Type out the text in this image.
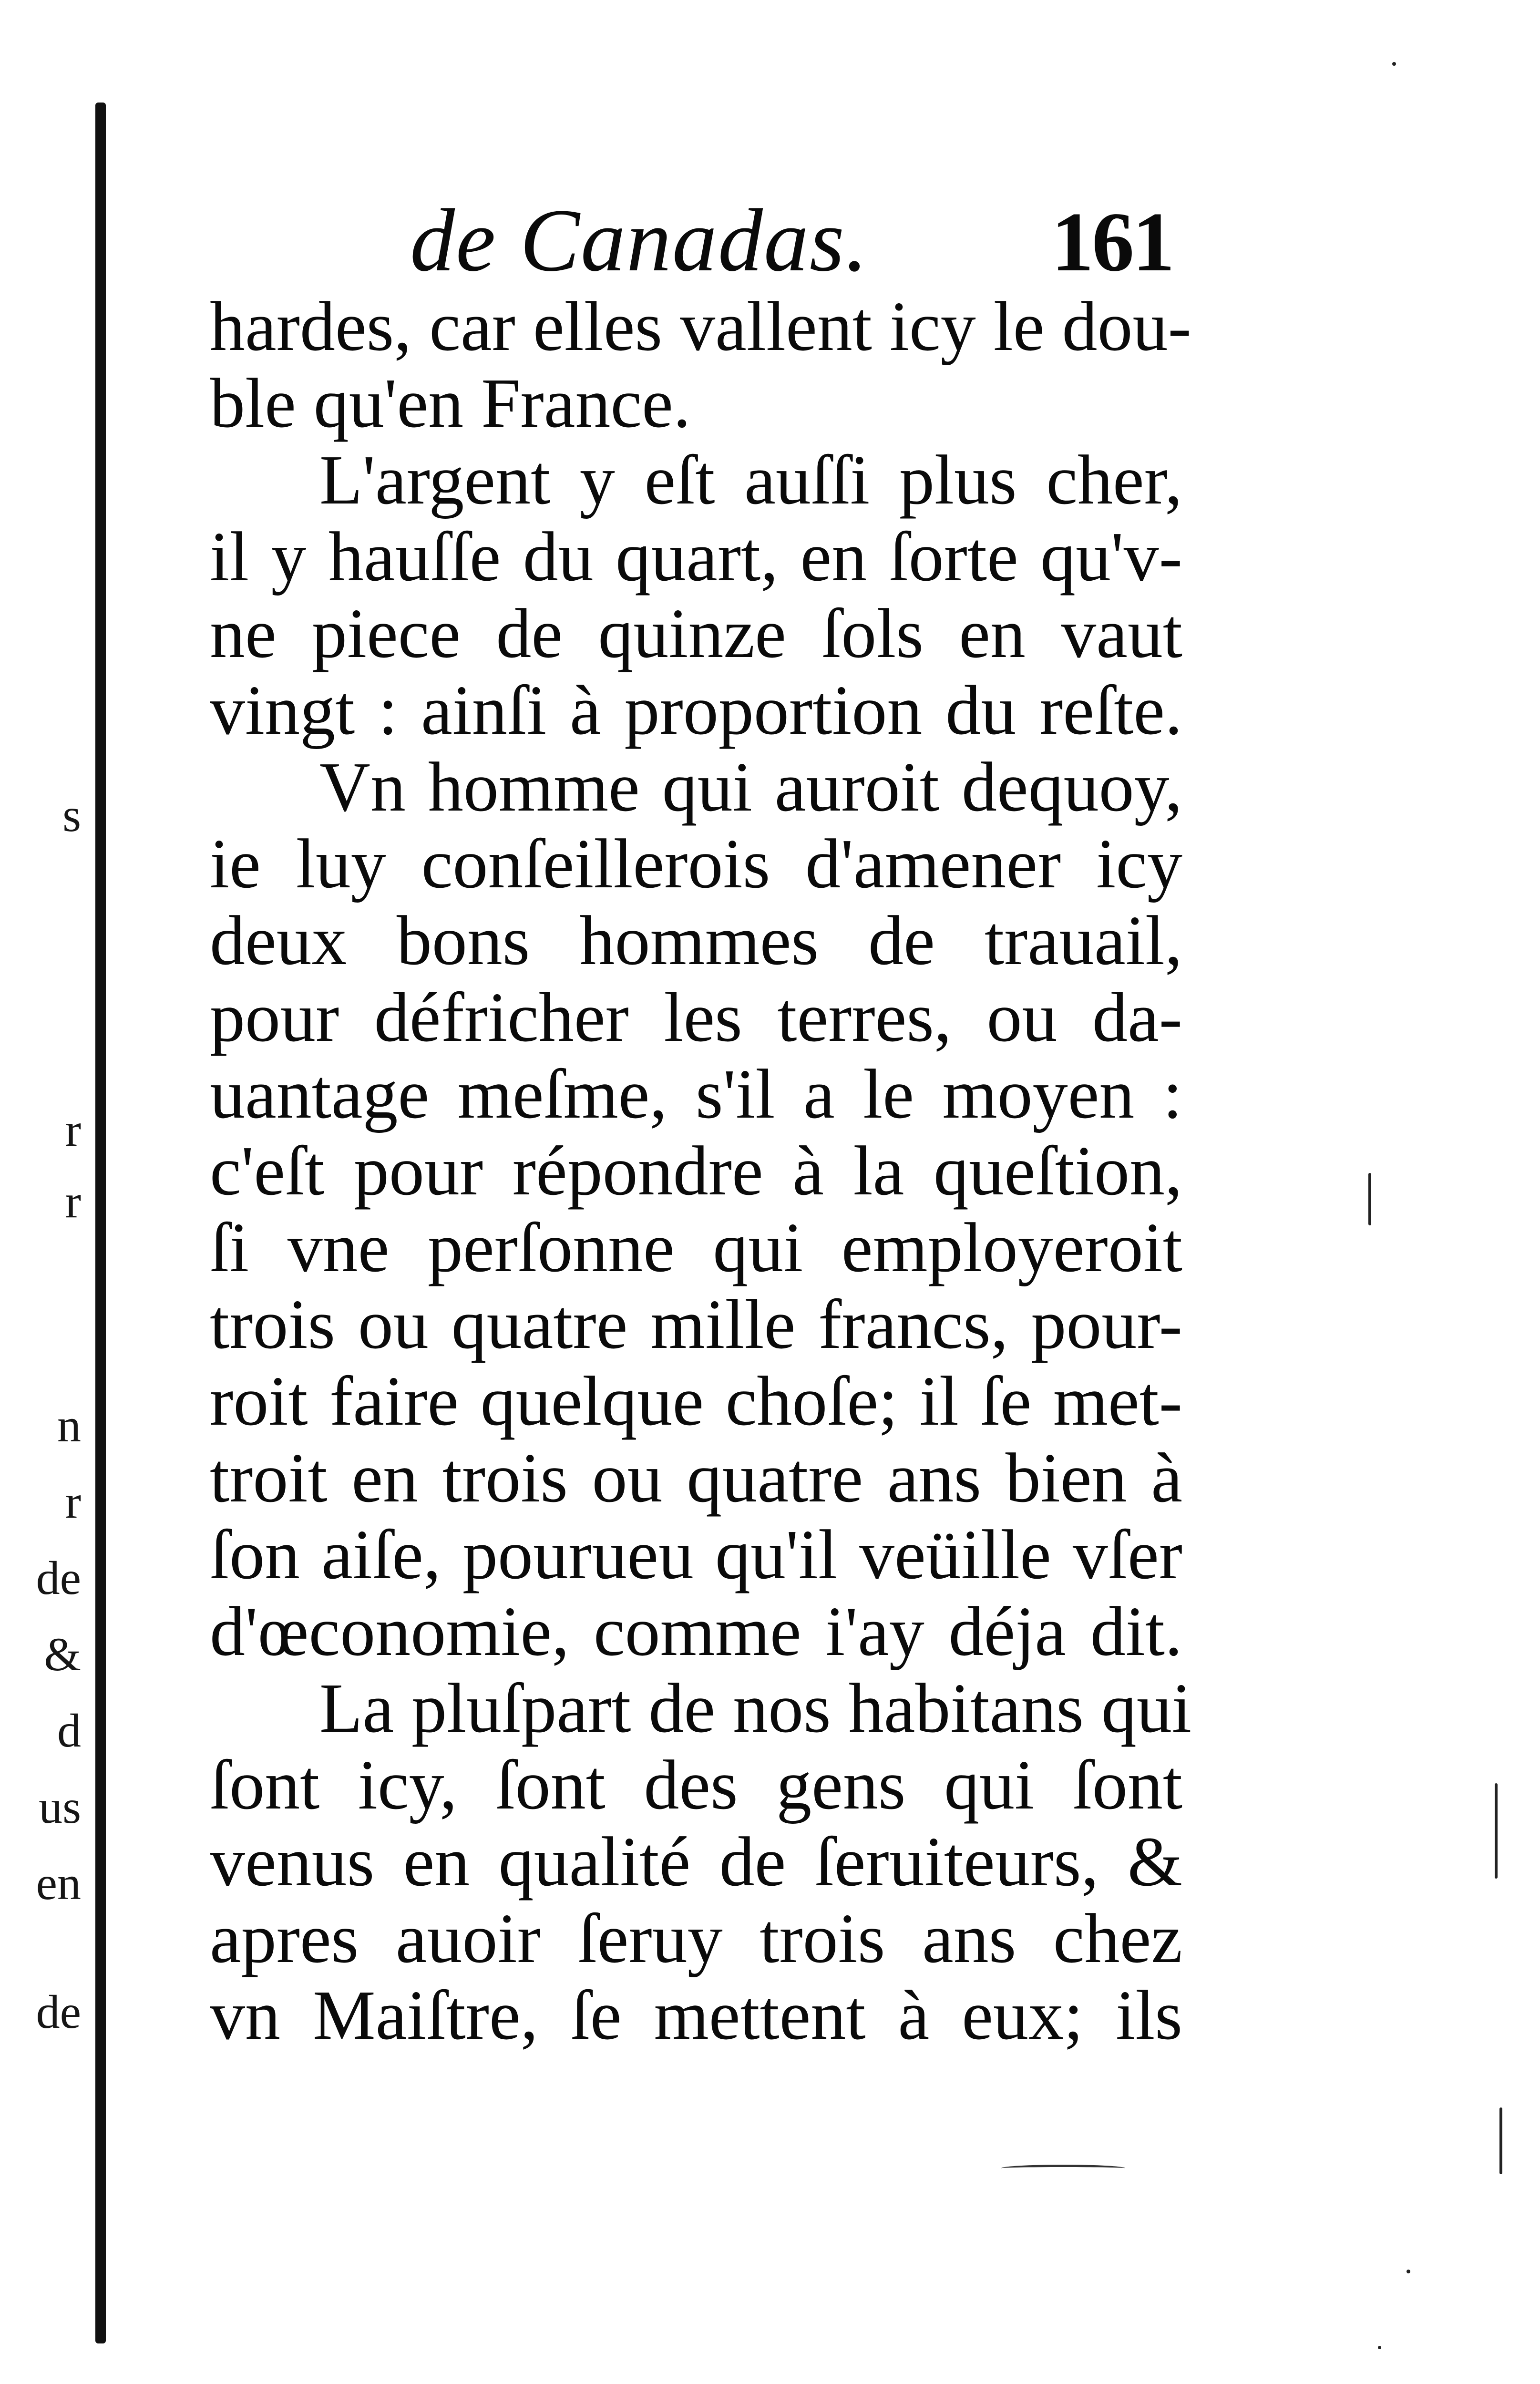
s
r
r
n
r
de
&
d
us
en
de
de Canadas. 161
hardes, car elles vallent icy le dou-
ble qu'en France.
L'argent y eſt auſſi plus cher,
il y hauſſe du quart, en ſorte qu'v-
ne piece de quinze ſols en vaut
vingt : ainſi à proportion du reſte.
Vn homme qui auroit dequoy,
ie luy conſeillerois d'amener icy
deux bons hommes de trauail,
pour défricher les terres, ou da-
uantage meſme, s'il a le moyen :
c'eſt pour répondre à la queſtion,
ſi vne perſonne qui employeroit
trois ou quatre mille francs, pour-
roit faire quelque choſe; il ſe met-
troit en trois ou quatre ans bien à
ſon aiſe, pourueu qu'il veüille vſer
d'œconomie, comme i'ay déja dit.
La pluſpart de nos habitans qui
ſont icy, ſont des gens qui ſont
venus en qualité de ſeruiteurs, &
apres auoir ſeruy trois ans chez
vn Maiſtre, ſe mettent à eux; ils
